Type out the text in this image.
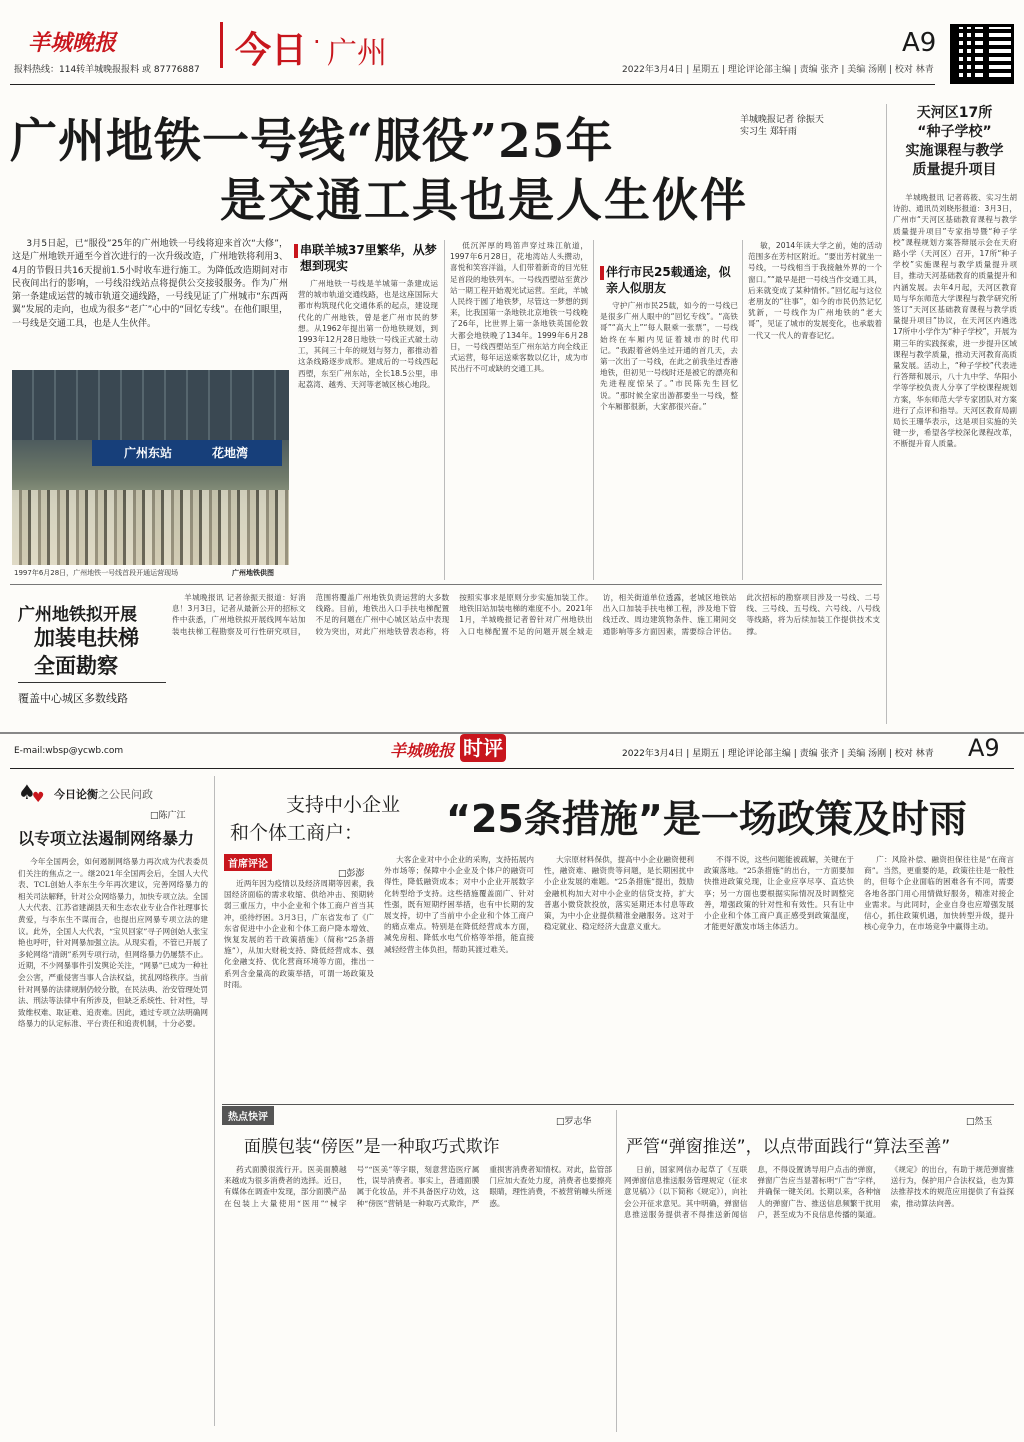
羊城晚报
报料热线：114转羊城晚报报料 或 87776887 今日 · 广州	A9
2022年3月4日 | 星期五 | 理论评论部主编 | 责编 张齐 | 美编 汤刚 | 校对 林青
广州地铁一号线“服役”25年
是交通工具也是人生伙伴
羊城晚报记者 徐振天
实习生 郑轩雨
3月5日起，已“服役”25年的广州地铁一号线将迎来首次“大修”，这是广州地铁开通至今首次进行的一次升级改造，广州地铁将利用3、4月的节假日共16天提前1.5小时收车进行施工。为降低改造期间对市民夜间出行的影响，一号线沿线站点将提供公交接驳服务。作为广州第一条建成运营的城市轨道交通线路，一号线见证了广州城市“东西两翼”发展的走向，也成为很多“老广”心中的“回忆专线”。在他们眼里，一号线是交通工具，也是人生伙伴。
广州东站	花地湾
1997年6月28日，广州地铁一号线首段开通运营现场	广州地铁供图
串联羊城37里繁华，从梦想到现实

广州地铁一号线是羊城第一条建成运营的城市轨道交通线路，也是这座国际大都市构筑现代化交通体系的起点，建设现代化的广州地铁，曾是老广州市民的梦想。从1962年提出第一份地铁规划，到1993年12月28日地铁一号线正式破土动工，其间三十年的规划与努力，都推动着这条线路逐步成形。建成后的一号线西起西塱，东至广州东站，全长18.5公里，串起荔湾、越秀、天河等老城区核心地段。

低沉浑厚的鸣笛声穿过珠江航道，1997年6月28日，花地湾站人头攒动，喜悦和笑容洋溢，人们带着新奇的目光驻足首段的地铁列车。一号线西塱站至黄沙站一期工程开始观光试运营。至此，羊城人民终于圆了地铁梦，尽管这一梦想的到来，比我国第一条地铁北京地铁一号线晚了26年，比世界上第一条地铁英国伦敦大都会地铁晚了134年。1999年6月28日，一号线西塱站至广州东站方向全线正式运营，每年运送乘客数以亿计，成为市民出行不可或缺的交通工具。

伴行市民25载通途，似亲人似朋友

守护广州市民25载，如今的一号线已是很多广州人眼中的“回忆专线”。“高铁哥”“高大上”“每人限乘一张票”，一号线始终在车厢内见证着城市的时代印记。“我跟着爸妈坐过开通的首几天，去第一次出了一号线，在此之前我坐过香港地铁，但初见一号线时还是被它的漂亮和先进程度惊呆了。”市民陈先生回忆说。“那时候全家出游都要坐一号线，整个车厢都很新，大家都很兴奋。”

敏，2014年读大学之前，她的活动范围多在芳村区附近。“要出芳村就坐一号线，一号线相当于我接触外界的一个窗口。”“最早是把一号线当作交通工具，后来就变成了某种情怀。”回忆起与这位老朋友的“往事”，如今的市民仍然记忆犹新，一号线作为广州地铁的“老大哥”，见证了城市的发展变化，也承载着一代又一代人的青春记忆。

天河区17所
“种子学校”
实施课程与教学
质量提升项目
羊城晚报讯 记者蒋筱、实习生胡诗韵、通讯员刘晓彤报道：3月3日，广州市“天河区基础教育课程与教学质量提升项目”专家指导暨“种子学校”课程规划方案答辩展示会在天府路小学（天河区）召开，17所“种子学校”实施课程与教学质量提升项目，推动天河基础教育的质量提升和内涵发展。去年4月起，天河区教育局与华东师范大学课程与教学研究所签订“天河区基础教育课程与教学质量提升项目”协议，在天河区内遴选17所中小学作为“种子学校”，开展为期三年的实践探索，进一步提升区域课程与教学质量，推动天河教育高质量发展。活动上，“种子学校”代表进行答辩和展示，八十九中学、华阳小学等学校负责人分享了学校课程规划方案，华东师范大学专家团队对方案进行了点评和指导。天河区教育局副局长王珊华表示，这是项目实施的关键一步，希望各学校深化课程改革，不断提升育人质量。
广州地铁拟开展
加装电扶梯
全面勘察
覆盖中心城区多数线路

羊城晚报讯 记者徐振天报道：好消息！3月3日，记者从最新公开的招标文件中获悉，广州地铁拟开展线网车站加装电扶梯工程勘察及可行性研究项目，范围将覆盖广州地铁负责运营的大多数线路。目前，地铁出入口手扶电梯配置不足的问题在广州中心城区站点中表现较为突出，对此广州地铁曾表态称，将按照实事求是原则分步实施加装工作。地铁旧站加装电梯的难度不小。2021年1月，羊城晚报记者曾针对广州地铁出入口电梯配置不足的问题开展全城走访，相关街道单位透露，老城区地铁站出入口加装手扶电梯工程，涉及地下管线迁改、周边建筑物条件、施工期间交通影响等多方面因素，需要综合评估。此次招标的勘察项目涉及一号线、二号线、三号线、五号线、六号线、八号线等线路，将为后续加装工作提供技术支撑。

E-mail:wbsp@ycwb.com	羊城晚报 时评	2022年3月4日 | 星期五 | 理论评论部主编 | 责编 张齐 | 美编 汤刚 | 校对 林青 A9
♠
♥ 今日论衡之公民问政
□陈广江
以专项立法遏制网络暴力

今年全国两会，如何遏制网络暴力再次成为代表委员们关注的焦点之一。继2021年全国两会后，全国人大代表、TCL创始人李东生今年再次建议，完善网络暴力的相关司法解释，针对公众网络暴力，加快专项立法。全国人大代表、江苏省建湖县天和生态农业专业合作社理事长黄爱，与李东生不谋而合，也提出应网暴专项立法的建议。此外，全国人大代表，“宝贝回家”寻子网创始人张宝艳也呼吁，针对网暴加强立法。从现实看，不管已开展了多轮网络“清朗”系列专项行动，但网络暴力仍屡禁不止。近期，不少网暴事件引发舆论关注，“网暴”已成为一种社会公害，严重侵害当事人合法权益，扰乱网络秩序。当前针对网暴的法律规制仍较分散，在民法典、治安管理处罚法、刑法等法律中有所涉及，但缺乏系统性、针对性，导致维权难、取证难、追责难。因此，通过专项立法明确网络暴力的认定标准、平台责任和追责机制，十分必要。

支持中小企业
和个体工商户： “25条措施”是一场政策及时雨
首席评论
□彭澎

近两年因为疫情以及经济周期等因素，我国经济面临的需求收缩、供给冲击、预期转弱三重压力，中小企业和个体工商户首当其冲，亟待纾困。3月3日，广东省发布了《广东省促进中小企业和个体工商户降本增效、恢复发展的若干政策措施》（简称“25条措施”），从加大财税支持、降低经营成本、强化金融支持、优化营商环境等方面，推出一系列含金量高的政策举措，可谓一场政策及时雨。

大客企业对中小企业的采购，支持拓展内外市场等；保障中小企业及个体户的融资可得性，降低融资成本；对中小企业开展数字化转型给予支持。这些措施覆盖面广、针对性强，既有短期纾困举措，也有中长期的发展支持，切中了当前中小企业和个体工商户的痛点难点。特别是在降低经营成本方面，减免房租、降低水电气价格等举措，能直接减轻经营主体负担，帮助其渡过难关。

大宗原材料保供，提高中小企业融资便利性，融资难、融资贵等问题，是长期困扰中小企业发展的难题。“25条措施”提出，鼓励金融机构加大对中小企业的信贷支持，扩大普惠小微贷款投放，落实延期还本付息等政策，为中小企业提供精准金融服务。这对于稳定就业、稳定经济大盘意义重大。

不得不说，这些问题能被疏解，关键在于政策落地。“25条措施”的出台，一方面要加快推进政策兑现，让企业应享尽享、直达快享；另一方面也要根据实际情况及时调整完善，增强政策的针对性和有效性。只有让中小企业和个体工商户真正感受到政策温度，才能更好激发市场主体活力。

广：风险补偿、融资担保往往是“在商言商”。当然，更重要的是，政策往往是一般性的，但每个企业面临的困难各有不同，需要各地各部门用心用情做好服务，精准对接企业需求。与此同时，企业自身也应增强发展信心，抓住政策机遇，加快转型升级，提升核心竞争力，在市场竞争中赢得主动。

热点快评	□罗志华
面膜包装“傍医”是一种取巧式欺诈

药式面膜很流行开。医美面膜越来越成为很多消费者的选择。近日，有媒体在调查中发现，部分面膜产品在包装上大量使用“医用”“械字号”“医美”等字眼，刻意营造医疗属性，误导消费者。事实上，普通面膜属于化妆品，并不具备医疗功效，这种“傍医”营销是一种取巧式欺诈，严重损害消费者知情权。对此，监管部门应加大查处力度，消费者也要擦亮眼睛，理性消费，不被营销噱头所迷惑。

□然玉
严管“弹窗推送”，以点带面践行“算法至善”

日前，国家网信办起草了《互联网弹窗信息推送服务管理规定（征求意见稿）》（以下简称《规定》），向社会公开征求意见。其中明确，弹窗信息推送服务提供者不得推送新闻信息，不得设置诱导用户点击的弹窗，弹窗广告应当显著标明“广告”字样，并确保一键关闭。长期以来，各种恼人的弹窗广告、推送信息频繁干扰用户，甚至成为不良信息传播的渠道。《规定》的出台，有助于规范弹窗推送行为，保护用户合法权益，也为算法推荐技术的规范应用提供了有益探索，推动算法向善。
